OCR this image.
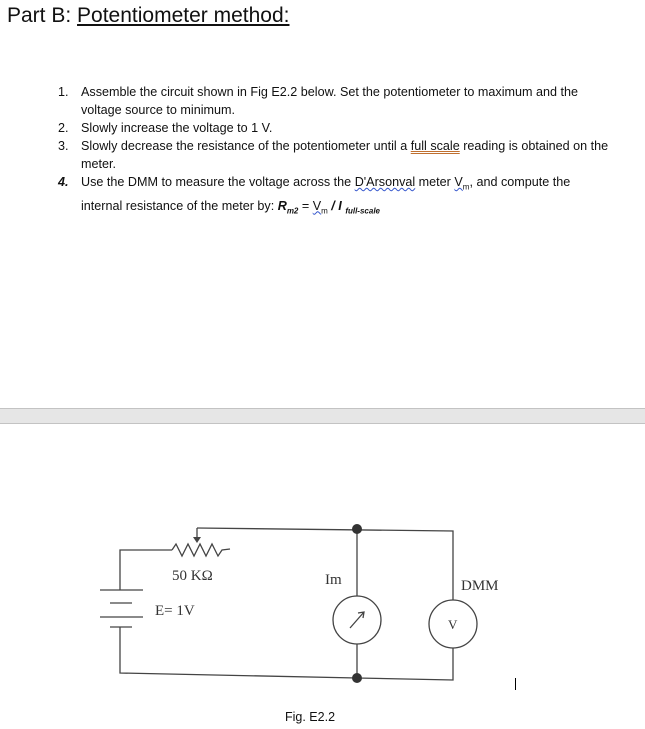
Part B: Potentiometer method:
1. Assemble the circuit shown in Fig E2.2 below. Set the potentiometer to maximum and the voltage source to minimum.
2. Slowly increase the voltage to 1 V.
3. Slowly decrease the resistance of the potentiometer until a full scale reading is obtained on the meter.
4. Use the DMM to measure the voltage across the D'Arsonval meter $V_m$, and compute the internal resistance of the meter by: $R_{m2} = V_m / I$ $_{full-scale}$
50 KΩ
E= 1V
Im	DMM
V
Fig. E2.2
